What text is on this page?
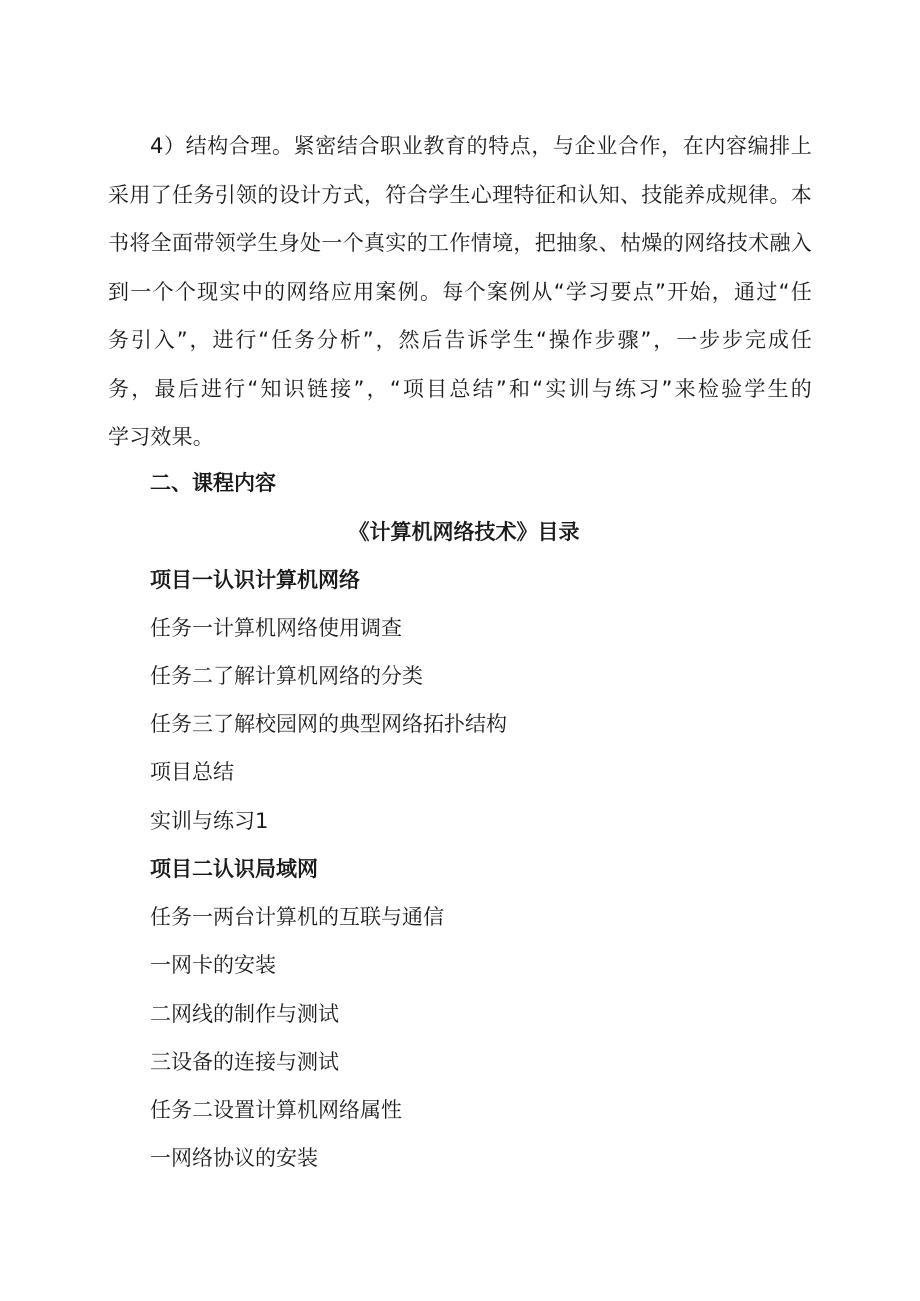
4）结构合理。紧密结合职业教育的特点，与企业合作，在内容编排上
采用了任务引领的设计方式，符合学生心理特征和认知、技能养成规律。本
书将全面带领学生身处一个真实的工作情境，把抽象、枯燥的网络技术融入
到一个个现实中的网络应用案例。每个案例从“学习要点”开始，通过“任
务引入”，进行“任务分析”，然后告诉学生“操作步骤”，一步步完成任
务，最后进行“知识链接”，“项目总结”和“实训与练习”来检验学生的
学习效果。

二、课程内容

《计算机网络技术》目录

项目一认识计算机网络

任务一计算机网络使用调查

任务二了解计算机网络的分类

任务三了解校园网的典型网络拓扑结构

项目总结

实训与练习1

项目二认识局域网

任务一两台计算机的互联与通信

一网卡的安装

二网线的制作与测试

三设备的连接与测试

任务二设置计算机网络属性

一网络协议的安装
